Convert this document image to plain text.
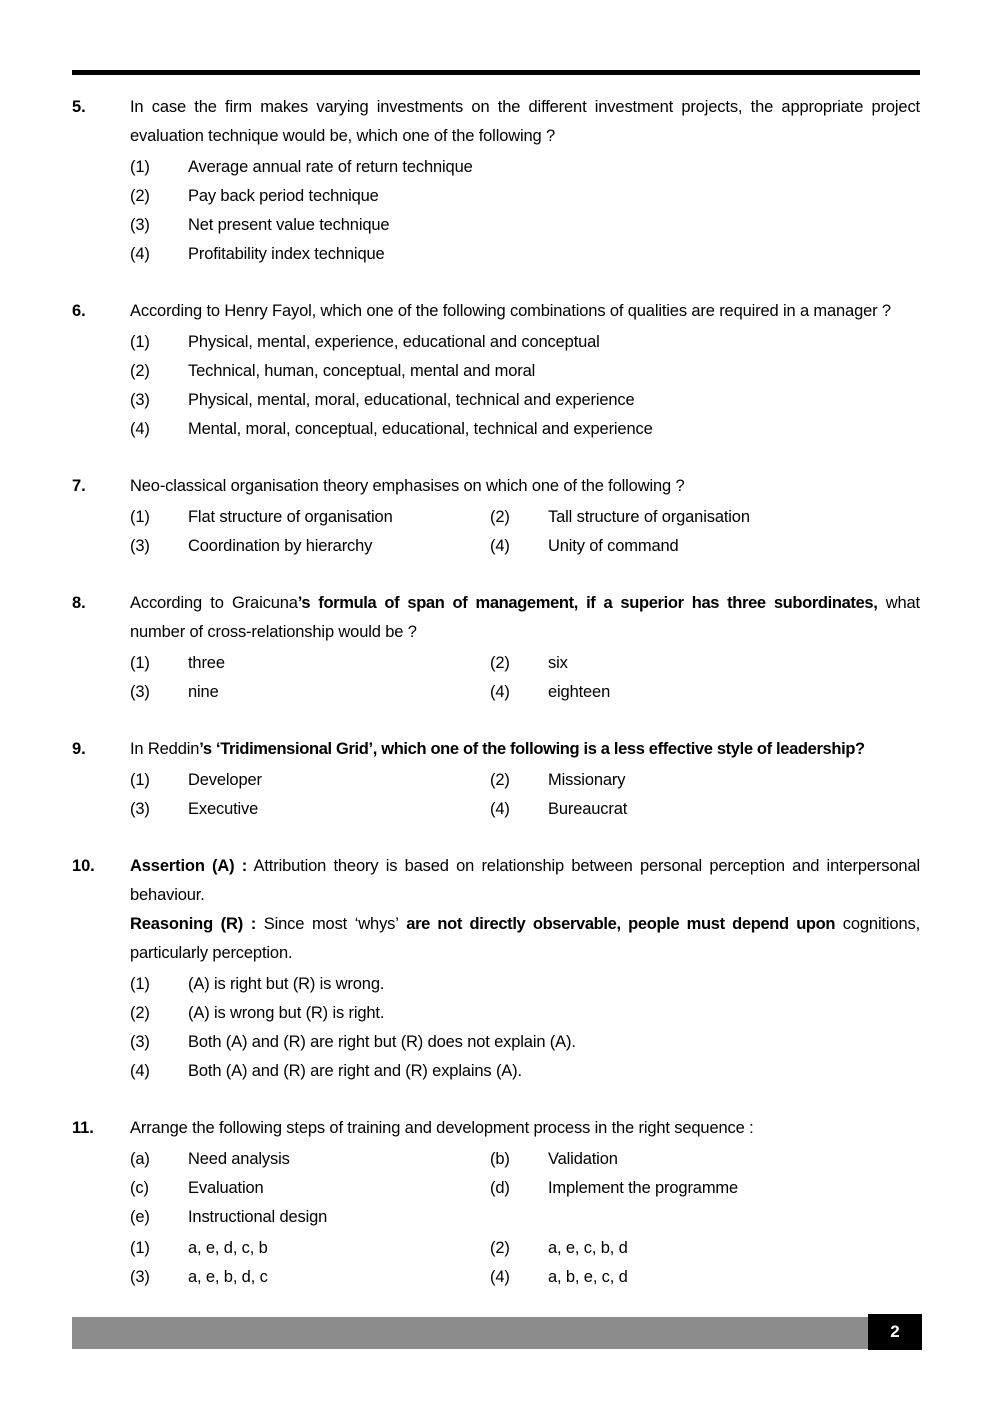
5.	In case the firm makes varying investments on the different investment projects, the appropriate project evaluation technique would be, which one of the following ?
(1)	Average annual rate of return technique
(2)	Pay back period technique
(3)	Net present value technique
(4)	Profitability index technique
6.	According to Henry Fayol, which one of the following combinations of qualities are required in a manager ?
(1)	Physical, mental, experience, educational and conceptual
(2)	Technical, human, conceptual, mental and moral
(3)	Physical, mental, moral, educational, technical and experience
(4)	Mental, moral, conceptual, educational, technical and experience
7.	Neo-classical organisation theory emphasises on which one of the following ?
(1)	Flat structure of organisation	(2)	Tall structure of organisation
(3)	Coordination by hierarchy	(4)	Unity of command
8.	According to Graicuna’s formula of span of management, if a superior has three subordinates, what number of cross-relationship would be ?
(1)	three	(2)	six
(3)	nine	(4)	eighteen
9.	In Reddin’s ‘Tridimensional Grid’, which one of the following is a less effective style of leadership?
(1)	Developer	(2)	Missionary
(3)	Executive	(4)	Bureaucrat
10.	Assertion (A) : Attribution theory is based on relationship between personal perception and interpersonal behaviour.
Reasoning (R) : Since most ‘whys’ are not directly observable, people must depend upon cognitions, particularly perception.
(1)	(A) is right but (R) is wrong.
(2)	(A) is wrong but (R) is right.
(3)	Both (A) and (R) are right but (R) does not explain (A).
(4)	Both (A) and (R) are right and (R) explains (A).
11.	Arrange the following steps of training and development process in the right sequence :
(a)	Need analysis	(b)	Validation
(c)	Evaluation	(d)	Implement the programme
(e)	Instructional design
(1)	a, e, d, c, b	(2)	a, e, c, b, d
(3)	a, e, b, d, c	(4)	a, b, e, c, d
2
